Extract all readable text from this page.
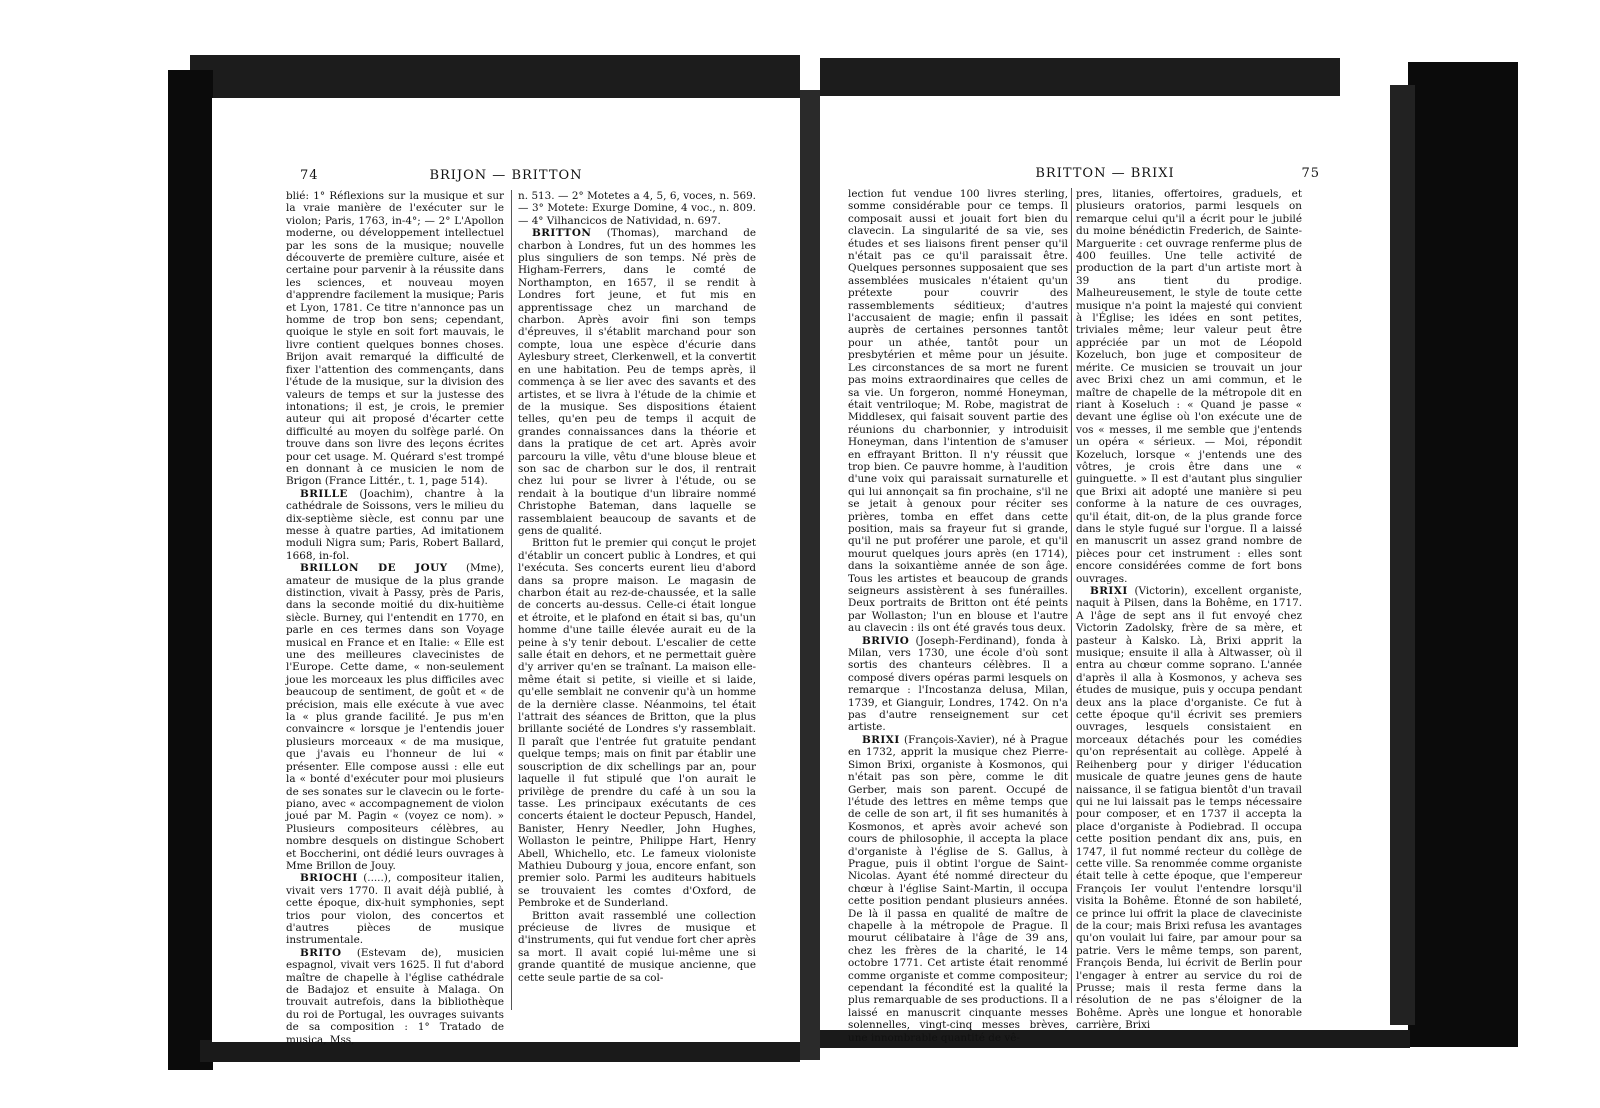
74	BRIJON — BRITTON

blié: 1° Réflexions sur la musique et sur la vraie manière de l'exécuter sur le violon; Paris, 1763, in-4°; — 2° L'Apollon moderne, ou développement intellectuel par les sons de la musique; nouvelle découverte de première culture, aisée et certaine pour parvenir à la réussite dans les sciences, et nouveau moyen d'apprendre facilement la musique; Paris et Lyon, 1781. Ce titre n'annonce pas un homme de trop bon sens; cependant, quoique le style en soit fort mauvais, le livre contient quelques bonnes choses. Brijon avait remarqué la difficulté de fixer l'attention des commençants, dans l'étude de la musique, sur la division des valeurs de temps et sur la justesse des intonations; il est, je crois, le premier auteur qui ait proposé d'écarter cette difficulté au moyen du solfège parlé. On trouve dans son livre des leçons écrites pour cet usage. M. Quérard s'est trompé en donnant à ce musicien le nom de Brigon (France Littér., t. 1, page 514).

BRILLE (Joachim), chantre à la cathédrale de Soissons, vers le milieu du dix-septième siècle, est connu par une messe à quatre parties, Ad imitationem moduli Nigra sum; Paris, Robert Ballard, 1668, in-fol.

BRILLON DE JOUY (Mme), amateur de musique de la plus grande distinction, vivait à Passy, près de Paris, dans la seconde moitié du dix-huitième siècle. Burney, qui l'entendit en 1770, en parle en ces termes dans son Voyage musical en France et en Italie: « Elle est une des meilleures clavecinistes de l'Europe. Cette dame, « non-seulement joue les morceaux les plus difficiles avec beaucoup de sentiment, de goût et « de précision, mais elle exécute à vue avec la « plus grande facilité. Je pus m'en convaincre « lorsque je l'entendis jouer plusieurs morceaux « de ma musique, que j'avais eu l'honneur de lui « présenter. Elle compose aussi : elle eut la « bonté d'exécuter pour moi plusieurs de ses sonates sur le clavecin ou le forte-piano, avec « accompagnement de violon joué par M. Pagin « (voyez ce nom). » Plusieurs compositeurs célèbres, au nombre desquels on distingue Schobert et Boccherini, ont dédié leurs ouvrages à Mme Brillon de Jouy.

BRIOCHI (.....), compositeur italien, vivait vers 1770. Il avait déjà publié, à cette époque, dix-huit symphonies, sept trios pour violon, des concertos et d'autres pièces de musique instrumentale.

BRITO (Estevam de), musicien espagnol, vivait vers 1625. Il fut d'abord maître de chapelle à l'église cathédrale de Badajoz et ensuite à Malaga. On trouvait autrefois, dans la bibliothèque du roi de Portugal, les ouvrages suivants de sa composition : 1° Tratado de musica, Mss,

n. 513. — 2° Motetes a 4, 5, 6, voces, n. 569. — 3° Motete: Exurge Domine, 4 voc., n. 809. — 4° Vilhancicos de Natividad, n. 697.

BRITTON (Thomas), marchand de charbon à Londres, fut un des hommes les plus singuliers de son temps. Né près de Higham-Ferrers, dans le comté de Northampton, en 1657, il se rendit à Londres fort jeune, et fut mis en apprentissage chez un marchand de charbon. Après avoir fini son temps d'épreuves, il s'établit marchand pour son compte, loua une espèce d'écurie dans Aylesbury street, Clerkenwell, et la convertit en une habitation. Peu de temps après, il commença à se lier avec des savants et des artistes, et se livra à l'étude de la chimie et de la musique. Ses dispositions étaient telles, qu'en peu de temps il acquit de grandes connaissances dans la théorie et dans la pratique de cet art. Après avoir parcouru la ville, vêtu d'une blouse bleue et son sac de charbon sur le dos, il rentrait chez lui pour se livrer à l'étude, ou se rendait à la boutique d'un libraire nommé Christophe Bateman, dans laquelle se rassemblaient beaucoup de savants et de gens de qualité.

Britton fut le premier qui conçut le projet d'établir un concert public à Londres, et qui l'exécuta. Ses concerts eurent lieu d'abord dans sa propre maison. Le magasin de charbon était au rez-de-chaussée, et la salle de concerts au-dessus. Celle-ci était longue et étroite, et le plafond en était si bas, qu'un homme d'une taille élevée aurait eu de la peine à s'y tenir debout. L'escalier de cette salle était en dehors, et ne permettait guère d'y arriver qu'en se traînant. La maison elle-même était si petite, si vieille et si laide, qu'elle semblait ne convenir qu'à un homme de la dernière classe. Néanmoins, tel était l'attrait des séances de Britton, que la plus brillante société de Londres s'y rassemblait. Il paraît que l'entrée fut gratuite pendant quelque temps; mais on finit par établir une souscription de dix schellings par an, pour laquelle il fut stipulé que l'on aurait le privilège de prendre du café à un sou la tasse. Les principaux exécutants de ces concerts étaient le docteur Pepusch, Handel, Banister, Henry Needler, John Hughes, Wollaston le peintre, Philippe Hart, Henry Abell, Whichello, etc. Le fameux violoniste Mathieu Dubourg y joua, encore enfant, son premier solo. Parmi les auditeurs habituels se trouvaient les comtes d'Oxford, de Pembroke et de Sunderland.

Britton avait rassemblé une collection précieuse de livres de musique et d'instruments, qui fut vendue fort cher après sa mort. Il avait copié lui-même une si grande quantité de musique ancienne, que cette seule partie de sa col-

BRITTON — BRIXI	75

lection fut vendue 100 livres sterling, somme considérable pour ce temps. Il composait aussi et jouait fort bien du clavecin. La singularité de sa vie, ses études et ses liaisons firent penser qu'il n'était pas ce qu'il paraissait être. Quelques personnes supposaient que ses assemblées musicales n'étaient qu'un prétexte pour couvrir des rassemblements séditieux; d'autres l'accusaient de magie; enfin il passait auprès de certaines personnes tantôt pour un athée, tantôt pour un presbytérien et même pour un jésuite. Les circonstances de sa mort ne furent pas moins extraordinaires que celles de sa vie. Un forgeron, nommé Honeyman, était ventriloque; M. Robe, magistrat de Middlesex, qui faisait souvent partie des réunions du charbonnier, y introduisit Honeyman, dans l'intention de s'amuser en effrayant Britton. Il n'y réussit que trop bien. Ce pauvre homme, à l'audition d'une voix qui paraissait surnaturelle et qui lui annonçait sa fin prochaine, s'il ne se jetait à genoux pour réciter ses prières, tomba en effet dans cette position, mais sa frayeur fut si grande, qu'il ne put proférer une parole, et qu'il mourut quelques jours après (en 1714), dans la soixantième année de son âge. Tous les artistes et beaucoup de grands seigneurs assistèrent à ses funérailles. Deux portraits de Britton ont été peints par Wollaston; l'un en blouse et l'autre au clavecin : ils ont été gravés tous deux.

BRIVIO (Joseph-Ferdinand), fonda à Milan, vers 1730, une école d'où sont sortis des chanteurs célèbres. Il a composé divers opéras parmi lesquels on remarque : l'Incostanza delusa, Milan, 1739, et Gianguir, Londres, 1742. On n'a pas d'autre renseignement sur cet artiste.

BRIXI (François-Xavier), né à Prague en 1732, apprit la musique chez Pierre-Simon Brixi, organiste à Kosmonos, qui n'était pas son père, comme le dit Gerber, mais son parent. Occupé de l'étude des lettres en même temps que de celle de son art, il fit ses humanités à Kosmonos, et après avoir achevé son cours de philosophie, il accepta la place d'organiste à l'église de S. Gallus, à Prague, puis il obtint l'orgue de Saint-Nicolas. Ayant été nommé directeur du chœur à l'église Saint-Martin, il occupa cette position pendant plusieurs années. De là il passa en qualité de maître de chapelle à la métropole de Prague. Il mourut célibataire à l'âge de 39 ans, chez les frères de la charité, le 14 octobre 1771. Cet artiste était renommé comme organiste et comme compositeur; cependant la fécondité est la qualité la plus remarquable de ses productions. Il a laissé en manuscrit cinquante messes solennelles, vingt-cinq messes brèves, une innombrable quantité de vê-

pres, litanies, offertoires, graduels, et plusieurs oratorios, parmi lesquels on remarque celui qu'il a écrit pour le jubilé du moine bénédictin Frederich, de Sainte-Marguerite : cet ouvrage renferme plus de 400 feuilles. Une telle activité de production de la part d'un artiste mort à 39 ans tient du prodige. Malheureusement, le style de toute cette musique n'a point la majesté qui convient à l'Église; les idées en sont petites, triviales même; leur valeur peut être appréciée par un mot de Léopold Kozeluch, bon juge et compositeur de mérite. Ce musicien se trouvait un jour avec Brixi chez un ami commun, et le maître de chapelle de la métropole dit en riant à Koseluch : « Quand je passe « devant une église où l'on exécute une de vos « messes, il me semble que j'entends un opéra « sérieux. — Moi, répondit Kozeluch, lorsque « j'entends une des vôtres, je crois être dans une « guinguette. » Il est d'autant plus singulier que Brixi ait adopté une manière si peu conforme à la nature de ces ouvrages, qu'il était, dit-on, de la plus grande force dans le style fugué sur l'orgue. Il a laissé en manuscrit un assez grand nombre de pièces pour cet instrument : elles sont encore considérées comme de fort bons ouvrages.

BRIXI (Victorin), excellent organiste, naquit à Pilsen, dans la Bohême, en 1717. A l'âge de sept ans il fut envoyé chez Victorin Zadolsky, frère de sa mère, et pasteur à Kalsko. Là, Brixi apprit la musique; ensuite il alla à Altwasser, où il entra au chœur comme soprano. L'année d'après il alla à Kosmonos, y acheva ses études de musique, puis y occupa pendant deux ans la place d'organiste. Ce fut à cette époque qu'il écrivit ses premiers ouvrages, lesquels consistaient en morceaux détachés pour les comédies qu'on représentait au collège. Appelé à Reihenberg pour y diriger l'éducation musicale de quatre jeunes gens de haute naissance, il se fatigua bientôt d'un travail qui ne lui laissait pas le temps nécessaire pour composer, et en 1737 il accepta la place d'organiste à Podiebrad. Il occupa cette position pendant dix ans, puis, en 1747, il fut nommé recteur du collège de cette ville. Sa renommée comme organiste était telle à cette époque, que l'empereur François Ier voulut l'entendre lorsqu'il visita la Bohême. Étonné de son habileté, ce prince lui offrit la place de claveciniste de la cour; mais Brixi refusa les avantages qu'on voulait lui faire, par amour pour sa patrie. Vers le même temps, son parent, François Benda, lui écrivit de Berlin pour l'engager à entrer au service du roi de Prusse; mais il resta ferme dans la résolution de ne pas s'éloigner de la Bohême. Après une longue et honorable carrière, Brixi
